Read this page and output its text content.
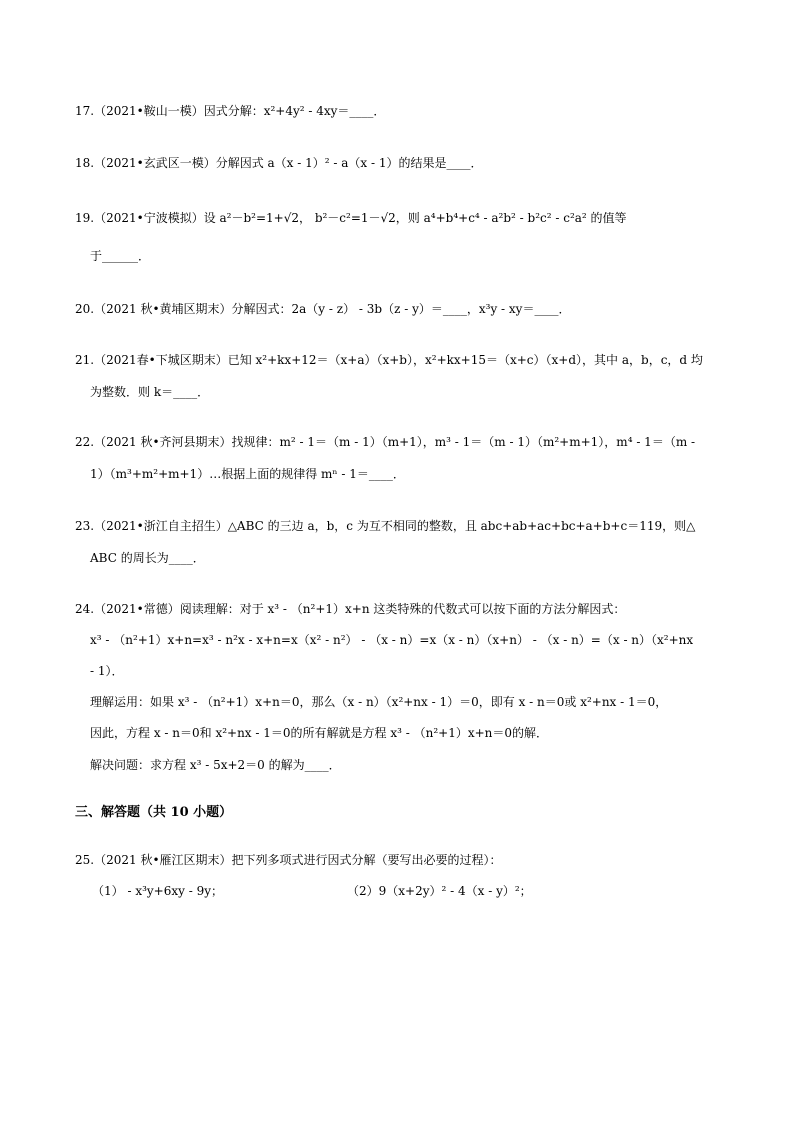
17.（2021•鞍山一模）因式分解：x²+4y² - 4xy＝____．
18.（2021•玄武区一模）分解因式 a（x - 1）² - a（x - 1）的结果是____．
19.（2021•宁波模拟）设 a²－b²=1+√2， b²－c²=1－√2，则 a⁴+b⁴+c⁴ - a²b² - b²c² - c²a² 的值等
于______．
20.（2021 秋•黄埔区期末）分解因式：2a（y - z） - 3b（z - y）＝____，x³y - xy＝____．
21.（2021春•下城区期末）已知 x²+kx+12＝（x+a）（x+b），x²+kx+15＝（x+c）（x+d），其中 a，b，c，d 均
为整数．则 k＝____．
22.（2021 秋•齐河县期末）找规律：m² - 1＝（m - 1）（m+1），m³ - 1＝（m - 1）（m²+m+1），m⁴ - 1＝（m -
1）（m³+m²+m+1）…根据上面的规律得 mⁿ - 1＝____．
23.（2021•浙江自主招生）△ABC 的三边 a，b，c 为互不相同的整数，且 abc+ab+ac+bc+a+b+c＝119，则△
ABC 的周长为____．
24.（2021•常德）阅读理解：对于 x³ - （n²+1）x+n 这类特殊的代数式可以按下面的方法分解因式：
x³ - （n²+1）x+n=x³ - n²x - x+n=x（x² - n²） - （x - n）=x（x - n）（x+n） - （x - n）=（x - n）（x²+nx
- 1）．
理解运用：如果 x³ - （n²+1）x+n＝0，那么（x - n）（x²+nx - 1）＝0，即有 x - n＝0或 x²+nx - 1＝0，
因此，方程 x - n＝0和 x²+nx - 1＝0的所有解就是方程 x³ - （n²+1）x+n＝0的解．
解决问题：求方程 x³ - 5x+2＝0 的解为____．
三、解答题（共 10 小题）
25.（2021 秋•雁江区期末）把下列多项式进行因式分解（要写出必要的过程）：
（1） - x³y+6xy - 9y；	（2）9（x+2y）² - 4（x - y）²；
